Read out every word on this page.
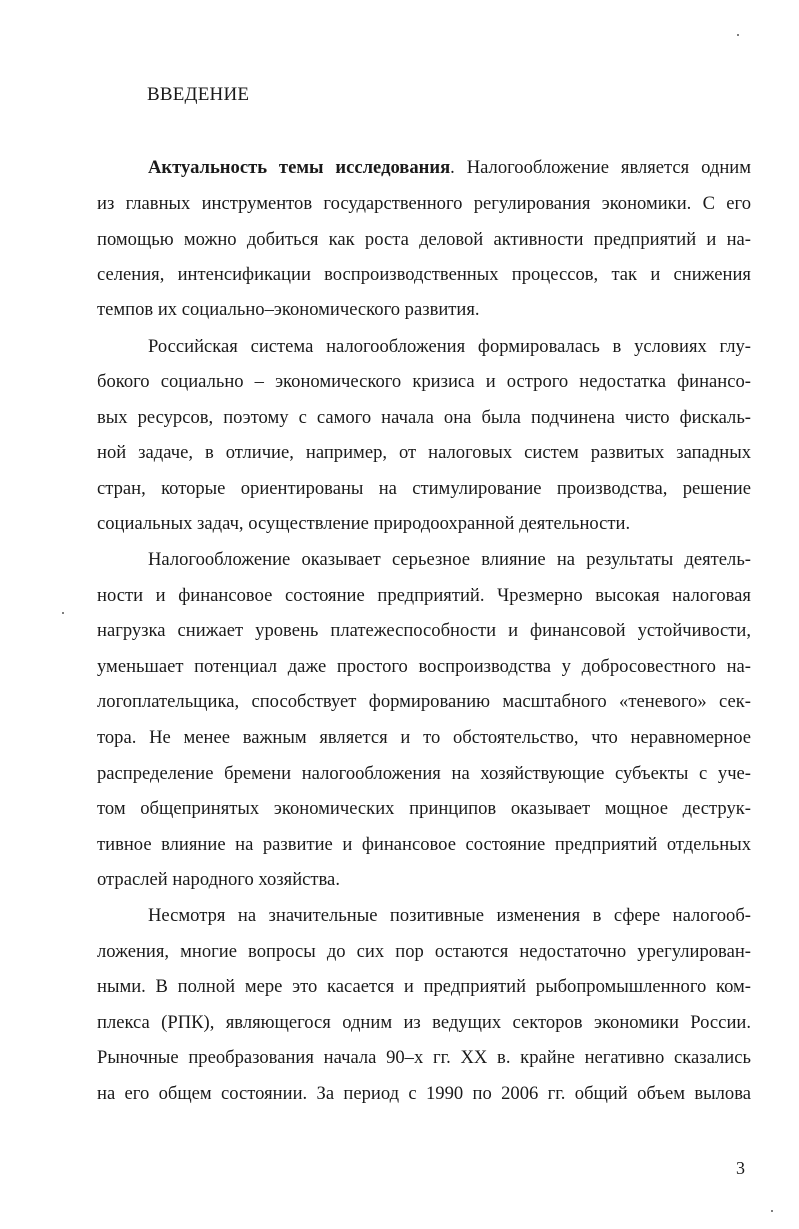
ВВЕДЕНИЕ
Актуальность темы исследования. Налогообложение является одним
из главных инструментов государственного регулирования экономики. С его
помощью можно добиться как роста деловой активности предприятий и на-
селения, интенсификации воспроизводственных процессов, так и снижения
темпов их социально–экономического развития.
Российская система налогообложения формировалась в условиях глу-
бокого социально – экономического кризиса и острого недостатка финансо-
вых ресурсов, поэтому с самого начала она была подчинена чисто фискаль-
ной задаче, в отличие, например, от налоговых систем развитых западных
стран, которые ориентированы на стимулирование производства, решение
социальных задач, осуществление природоохранной деятельности.
Налогообложение оказывает серьезное влияние на результаты деятель-
ности и финансовое состояние предприятий. Чрезмерно высокая налоговая
нагрузка снижает уровень платежеспособности и финансовой устойчивости,
уменьшает потенциал даже простого воспроизводства у добросовестного на-
логоплательщика, способствует формированию масштабного «теневого» сек-
тора. Не менее важным является и то обстоятельство, что неравномерное
распределение бремени налогообложения на хозяйствующие субъекты с уче-
том общепринятых экономических принципов оказывает мощное деструк-
тивное влияние на развитие и финансовое состояние предприятий отдельных
отраслей народного хозяйства.
Несмотря на значительные позитивные изменения в сфере налогооб-
ложения, многие вопросы до сих пор остаются недостаточно урегулирован-
ными. В полной мере это касается и предприятий рыбопромышленного ком-
плекса (РПК), являющегося одним из ведущих секторов экономики России.
Рыночные преобразования начала 90–х гг. XX в. крайне негативно сказались
на его общем состоянии. За период с 1990 по 2006 гг. общий объем вылова
3
